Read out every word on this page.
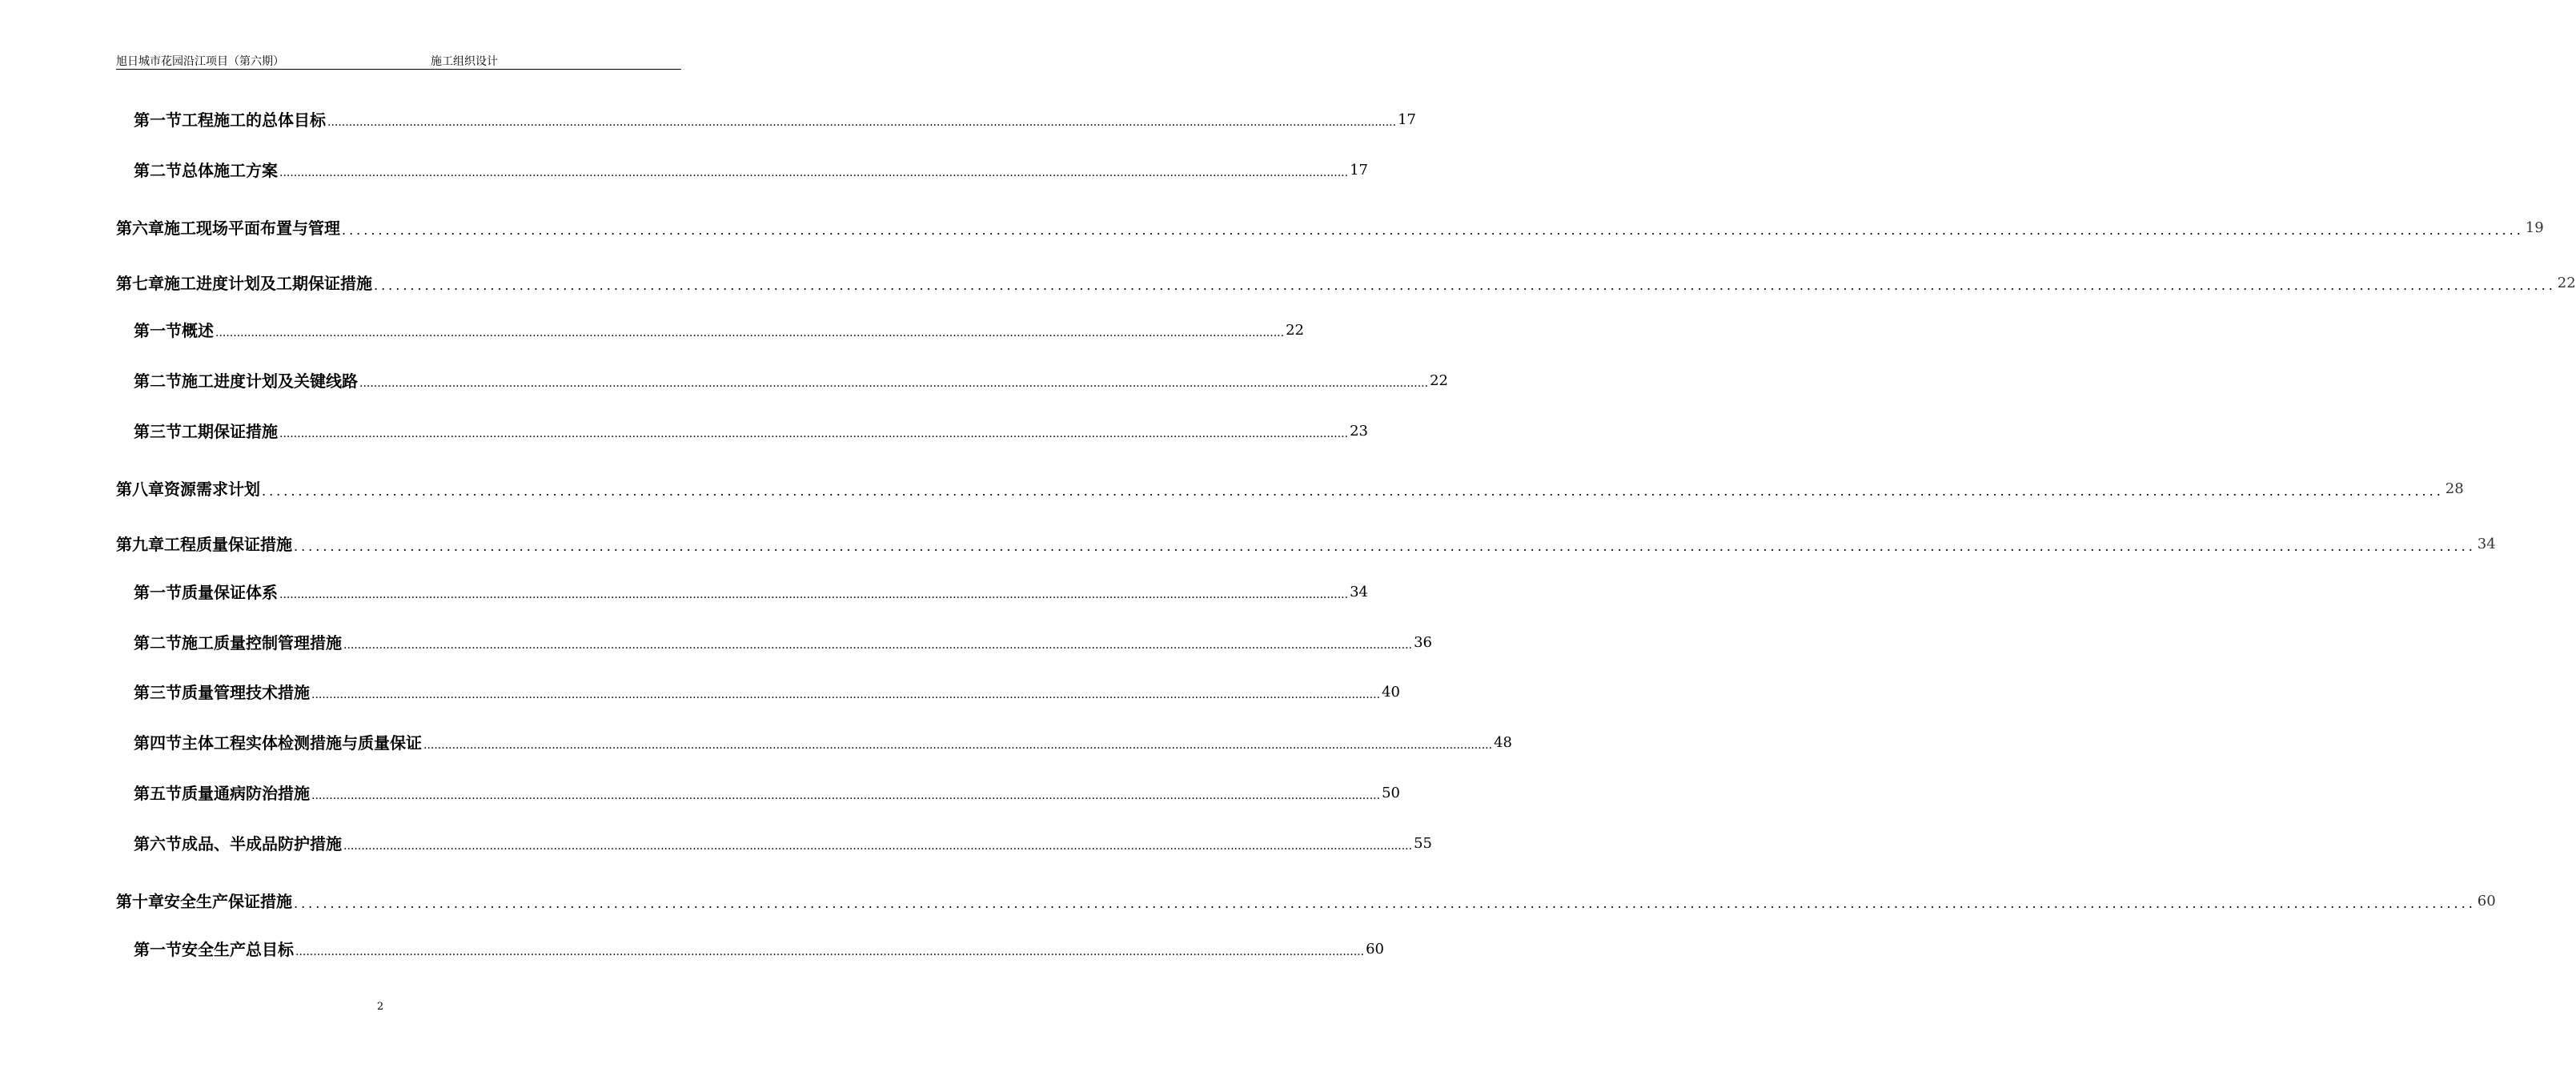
旭日城市花园沿江项目（第六期）	施工组织设计
第一节 工程施工的总体目标 ............................................................................................................................................................................................................................................................................................................ 17
第二节 总体施工方案 ............................................................................................................................................................................................................................................................................................................ 17
第六章 施工现场平面布置与管理 ............................................................................................................................................................................................................................................................................................................ 19
第七章 施工进度计划及工期保证措施 ............................................................................................................................................................................................................................................................................................................ 22
第一节 概述 ............................................................................................................................................................................................................................................................................................................ 22
第二节 施工进度计划及关键线路 ............................................................................................................................................................................................................................................................................................................ 22
第三节 工期保证措施 ............................................................................................................................................................................................................................................................................................................ 23
第八章 资源需求计划 ............................................................................................................................................................................................................................................................................................................ 28
第九章 工程质量保证措施 ............................................................................................................................................................................................................................................................................................................ 34
第一节 质量保证体系 ............................................................................................................................................................................................................................................................................................................ 34
第二节 施工质量控制管理措施 ............................................................................................................................................................................................................................................................................................................ 36
第三节 质量管理技术措施 ............................................................................................................................................................................................................................................................................................................ 40
第四节 主体工程实体检测措施与质量保证 ............................................................................................................................................................................................................................................................................................................ 48
第五节 质量通病防治措施 ............................................................................................................................................................................................................................................................................................................ 50
第六节 成品、半成品防护措施 ............................................................................................................................................................................................................................................................................................................ 55
第十章 安全生产保证措施 ............................................................................................................................................................................................................................................................................................................ 60
第一节 安全生产总目标 ............................................................................................................................................................................................................................................................................................................ 60
2
